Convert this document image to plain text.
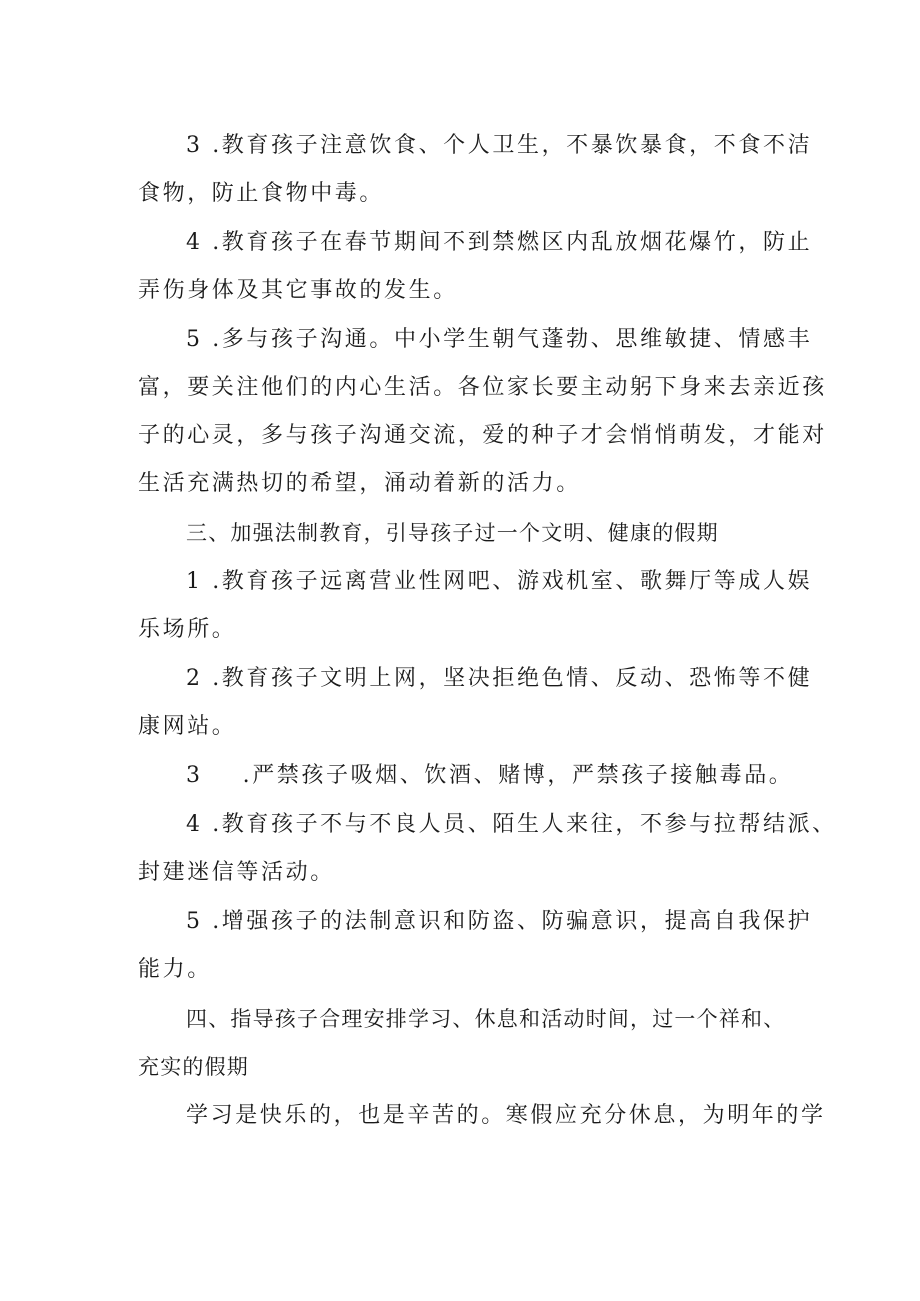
3 .教育孩子注意饮食、个人卫生，不暴饮暴食，不食不洁
食物，防止食物中毒。
4 .教育孩子在春节期间不到禁燃区内乱放烟花爆竹，防止
弄伤身体及其它事故的发生。
5 .多与孩子沟通。中小学生朝气蓬勃、思维敏捷、情感丰
富，要关注他们的内心生活。各位家长要主动躬下身来去亲近孩
子的心灵，多与孩子沟通交流，爱的种子才会悄悄萌发，才能对
生活充满热切的希望，涌动着新的活力。
三、加强法制教育，引导孩子过一个文明、健康的假期
1 .教育孩子远离营业性网吧、游戏机室、歌舞厅等成人娱
乐场所。
2 .教育孩子文明上网，坚决拒绝色情、反动、恐怖等不健
康网站。
3 .严禁孩子吸烟、饮酒、赌博，严禁孩子接触毒品。
4 .教育孩子不与不良人员、陌生人来往，不参与拉帮结派、
封建迷信等活动。
5 .增强孩子的法制意识和防盗、防骗意识，提高自我保护
能力。
四、指导孩子合理安排学习、休息和活动时间，过一个祥和、
充实的假期
学习是快乐的，也是辛苦的。寒假应充分休息，为明年的学
